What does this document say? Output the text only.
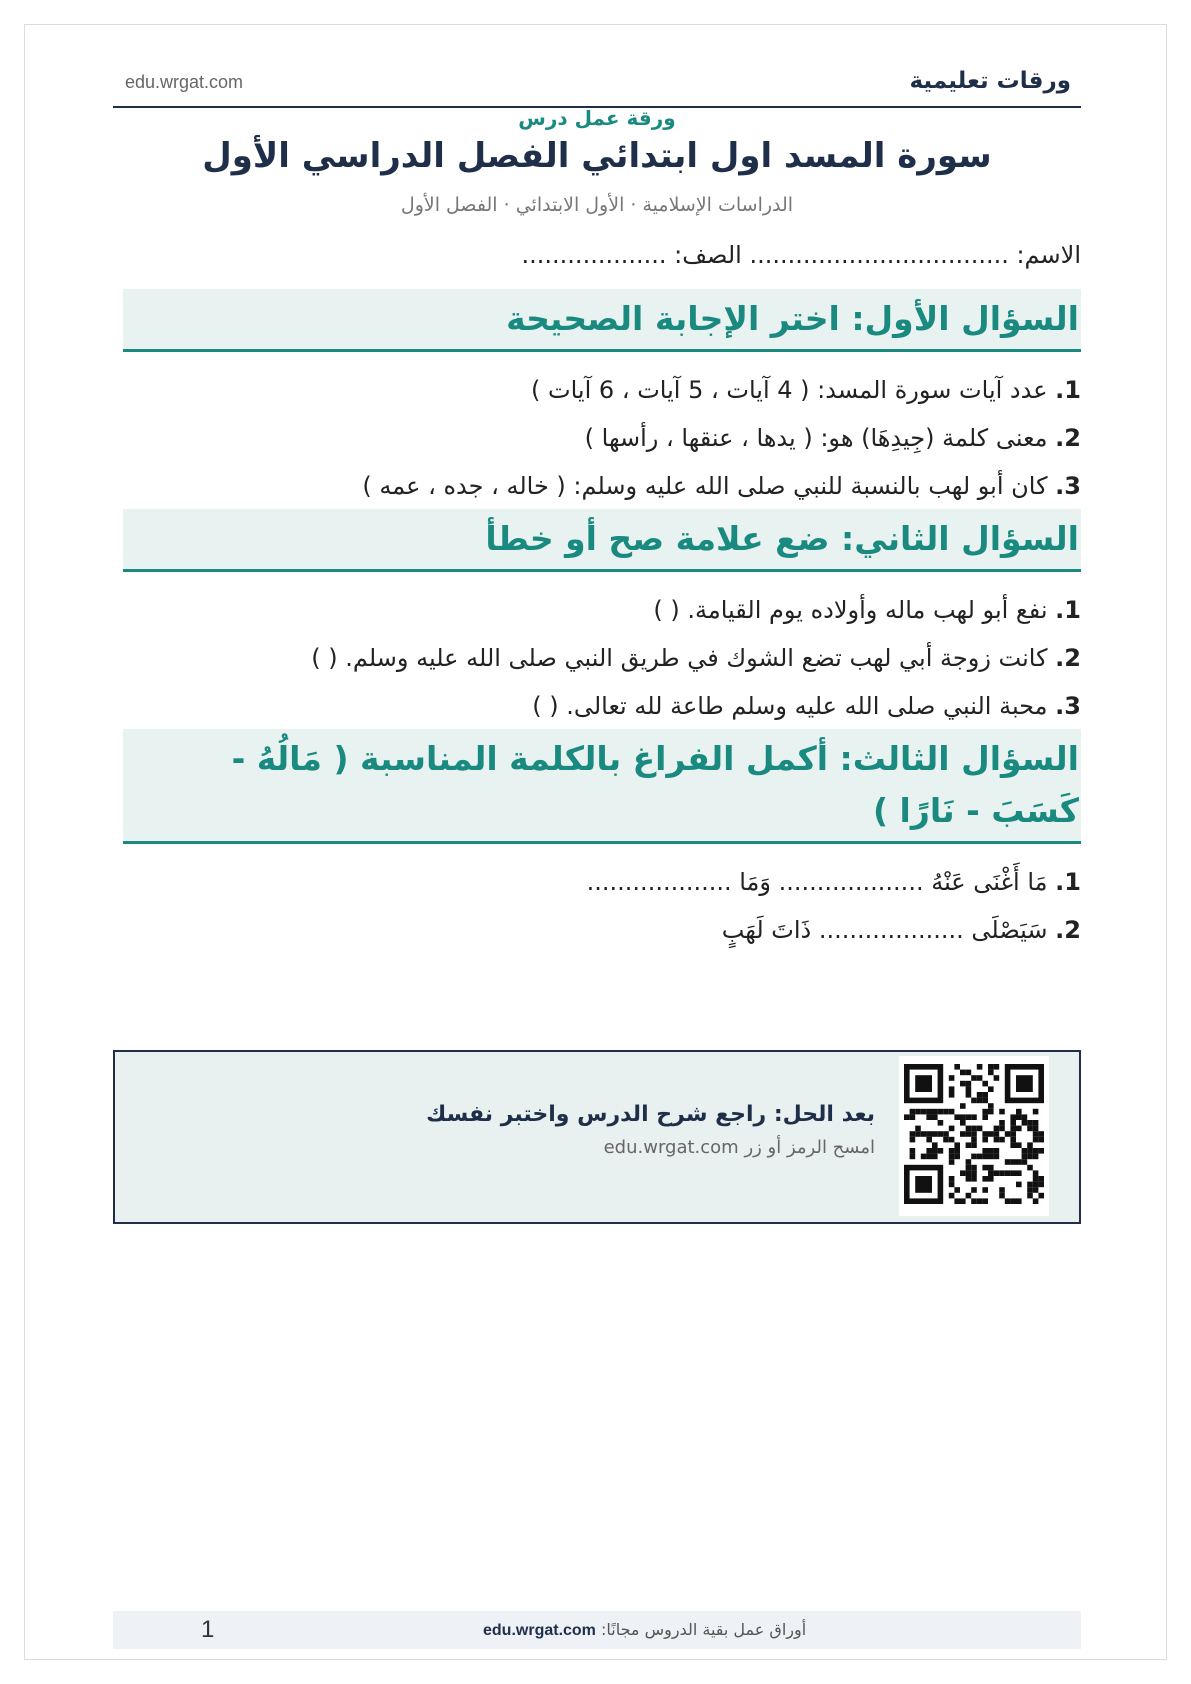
ورقات تعليمية
edu.wrgat.com
ورقة عمل درس
سورة المسد اول ابتدائي الفصل الدراسي الأول
الدراسات الإسلامية · الأول الابتدائي · الفصل الأول
الاسم: .................................. الصف: ...................
السؤال الأول: اختر الإجابة الصحيحة
1. عدد آيات سورة المسد: ( 4 آيات ، 5 آيات ، 6 آيات )
2. معنى كلمة (جِيدِهَا) هو: ( يدها ، عنقها ، رأسها )
3. كان أبو لهب بالنسبة للنبي صلى الله عليه وسلم: ( خاله ، جده ، عمه )
السؤال الثاني: ضع علامة صح أو خطأ
1. نفع أبو لهب ماله وأولاده يوم القيامة. ( )
2. كانت زوجة أبي لهب تضع الشوك في طريق النبي صلى الله عليه وسلم. ( )
3. محبة النبي صلى الله عليه وسلم طاعة لله تعالى. ( )
السؤال الثالث: أكمل الفراغ بالكلمة المناسبة ( مَالُهُ - كَسَبَ - نَارًا )
1. مَا أَغْنَى عَنْهُ ................... وَمَا ...................
2. سَيَصْلَى ................... ذَاتَ لَهَبٍ
بعد الحل: راجع شرح الدرس واختبر نفسك
امسح الرمز أو زر edu.wrgat.com
1	أوراق عمل بقية الدروس مجانًا: edu.wrgat.com
